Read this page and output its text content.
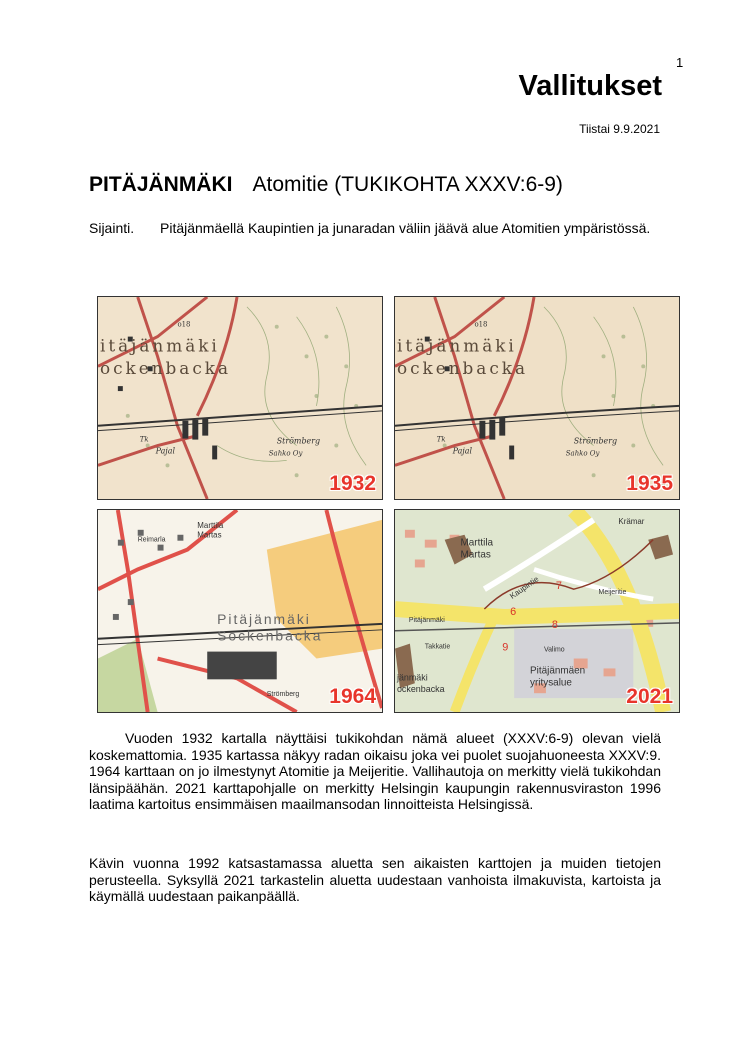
1
Vallitukset
Tiistai 9.9.2021
PITÄJÄNMÄKI Atomitie (TUKIKOHTA XXXV:6-9)
Sijainti. Pitäjänmäellä Kaupintien ja junaradan väliin jäävä alue Atomitien ympäristössä.
itäjänmäki
ockenbacka
Strömberg
Pajal	Sahko Oy
Tk
o18
1932
itäjänmäki
ockenbacka
Strömberg
Pajal	Sahko Oy
Tk
o18
1935
Pitäjänmäki
Sockenbacka
Marttila
Martas
Reimarla
Strömberg 1964
Marttila
Martas
Pitäjänmäen
yritysalue
Valimo
Kaupintie
Pitäjänmäki
Takkatie
Krämar
Meijeritie
jänmäki
ockenbacka
6
7
8
9
2021

Vuoden 1932 kartalla näyttäisi tukikohdan nämä alueet (XXXV:6-9) olevan vielä koskemattomia. 1935 kartassa näkyy radan oikaisu joka vei puolet suojahuoneesta XXXV:9. 1964 karttaan on jo ilmestynyt Atomitie ja Meijeritie. Vallihautoja on merkitty vielä tukikohdan länsipäähän. 2021 karttapohjalle on merkitty Helsingin kaupungin rakennusviraston 1996 laatima kartoitus ensimmäisen maailmansodan linnoitteista Helsingissä.

Kävin vuonna 1992 katsastamassa aluetta sen aikaisten karttojen ja muiden tietojen perusteella. Syksyllä 2021 tarkastelin aluetta uudestaan vanhoista ilmakuvista, kartoista ja käymällä uudestaan paikanpäällä.
